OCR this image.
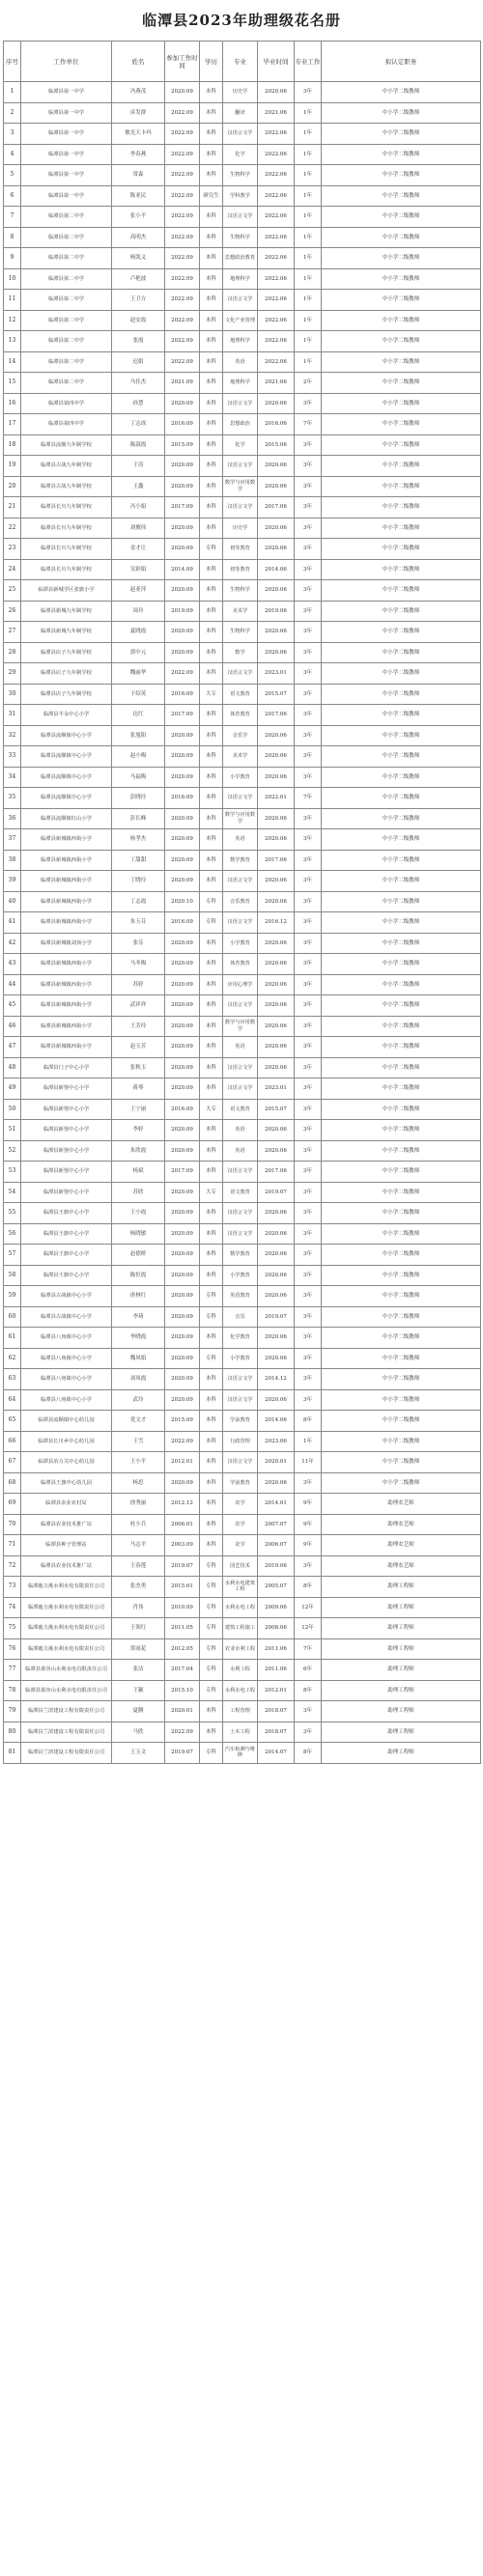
临潭县2023年助理级花名册
序号	工作单位	姓名	参加工作时间	学历	专业	毕业时间	专业工作	拟认定职务
1	临潭县第一中学	冯燕茂	2020.09	本科	历史学	2020.06	3年	中小学二级教师
2	临潭县第一中学	彦发群	2022.09	本科	翻译	2021.06	1年	中小学二级教师
3	临潭县第一中学	敏光大卡玛	2022.09	本科	汉语言文学	2022.06	1年	中小学二级教师
4	临潭县第一中学	李春燕	2022.09	本科	化学	2022.06	1年	中小学二级教师
5	临潭县第一中学	常森	2022.09	本科	生物科学	2022.06	1年	中小学二级教师
6	临潭县第一中学	陈亚民	2022.09	研究生	学科教学	2022.06	1年	中小学二级教师
7	临潭县第二中学	张小平	2022.09	本科	汉语言文学	2022.06	1年	中小学二级教师
8	临潭县第二中学	高明杰	2022.09	本科	生物科学	2022.06	1年	中小学二级教师
9	临潭县第二中学	杨凯义	2022.09	本科	思想政治教育	2022.06	1年	中小学二级教师
10	临潭县第二中学	卢艳波	2022.09	本科	地理科学	2022.06	1年	中小学二级教师
11	临潭县第二中学	王卫方	2022.09	本科	汉语言文学	2022.06	1年	中小学二级教师
12	临潭县第二中学	赵安霞	2022.09	本科	文化产业管理	2022.06	1年	中小学二级教师
13	临潭县第二中学	张霞	2022.09	本科	地理科学	2022.06	1年	中小学二级教师
14	临潭县第二中学	迟娟	2022.09	本科	英语	2022.06	1年	中小学二级教师
15	临潭县第二中学	马佳杰	2021.09	本科	地理科学	2021.06	2年	中小学二级教师
16	临潭县第四中学	孙慧	2020.09	本科	汉语言文学	2020.06	3年	中小学二级教师
17	临潭县第四中学	丁志成	2016.09	本科	思想政治	2016.06	7年	中小学二级教师
18	临潭县流顺九年制学校	陈淑霞	2015.09	本科	化学	2015.06	3年	中小学二级教师
19	临潭县古战九年制学校	于涛	2020.09	本科	汉语言文学	2020.06	3年	中小学二级教师
20	临潭县古战九年制学校	王鑫	2020.09	本科	数学与应用数学	2020.06	3年	中小学二级教师
21	临潭县长川九年制学校	冯小娟	2017.09	本科	汉语言文学	2017.06	3年	中小学二级教师
22	临潭县长川九年制学校	刘俊伟	2020.09	本科	历史学	2020.06	3年	中小学二级教师
23	临潭县长川九年制学校	金才让	2020.09	专科	初等教育	2020.06	3年	中小学二级教师
24	临潭县长川九年制学校	吴彩娟	2014.09	本科	初等教育	2014.06	3年	中小学二级教师
25	临潭县新城学区张旗小学	赵亚萍	2020.09	本科	生物科学	2020.06	3年	中小学二级教师
26	临潭县新城九年制学校	周玲	2019.09	本科	美术学	2019.06	3年	中小学二级教师
27	临潭县新城九年制学校	夏晓霞	2020.09	本科	生物科学	2020.06	3年	中小学二级教师
28	临潭县店子九年制学校	郭中元	2020.09	本科	数学	2020.06	3年	中小学二级教师
29	临潭县店子九年制学校	魏丽华	2022.09	本科	汉语言文学	2023.01	3年	中小学二级教师
30	临潭县店子九年制学校	于绍英	2016.09	大专	语文教育	2015.07	3年	中小学二级教师
31	临潭县羊永中心小学	达红	2017.09	本科	体育教育	2017.06	3年	中小学二级教师
32	临潭县流顺镇中心小学	张旭阳	2020.09	本科	音乐学	2020.06	3年	中小学二级教师
33	临潭县流顺镇中心小学	赵小梅	2020.09	本科	美术学	2020.06	3年	中小学二级教师
34	临潭县流顺镇中心小学	马福梅	2020.09	本科	小学教育	2020.06	3年	中小学二级教师
35	临潭县流顺镇中心小学	彭晓玲	2016.09	本科	汉语言文学	2022.01	7年	中小学二级教师
36	临潭县流顺镇红山小学	彭长峰	2020.09	本科	数学与应用数学	2020.06	3年	中小学二级教师
37	临潭县新城镇西街小学	杨孝杰	2020.09	本科	英语	2020.06	3年	中小学二级教师
38	临潭县新城镇西街小学	丁甜甜	2020.09	本科	数学教育	2017.06	3年	中小学二级教师
39	临潭县新城镇西街小学	丁晓玲	2020.09	本科	汉语言文学	2020.06	3年	中小学二级教师
40	临潭县新城镇西街小学	丁志霞	2020.10	专科	音乐教育	2020.06	3年	中小学二级教师
41	临潭县新城镇西街小学	朱玉芬	2016.09	专科	汉语言文学	2016.12	3年	中小学二级教师
42	临潭县新城镇刘顶小学	张芬	2020.09	本科	小学教育	2020.06	3年	中小学二级教师
43	临潭县新城镇西街小学	马冬梅	2020.09	本科	体育教育	2020.06	3年	中小学二级教师
44	临潭县新城镇西街小学	苏婷	2020.09	本科	应用心理学	2020.06	3年	中小学二级教师
45	临潭县新城镇西街小学	武祥祥	2020.09	本科	汉语言文学	2020.06	3年	中小学二级教师
46	临潭县新城镇西街小学	王芳玲	2020.09	本科	数学与应用数学	2020.06	3年	中小学二级教师
47	临潭县新城镇西街小学	赵玉芳	2020.09	本科	英语	2020.06	3年	中小学二级教师
48	临潭县门子中心小学	张秋玉	2020.09	本科	汉语言文学	2020.06	3年	中小学二级教师
49	临潭县新堡中心小学	蒋琴	2020.09	本科	汉语言文学	2023.01	3年	中小学二级教师
50	临潭县新堡中心小学	王宁丽	2016.09	大专	语文教育	2015.07	3年	中小学二级教师
51	临潭县新堡中心小学	李婷	2020.09	本科	英语	2020.06	3年	中小学二级教师
52	临潭县新堡中心小学	朱欣霞	2020.09	本科	英语	2020.06	3年	中小学二级教师
53	临潭县新堡中心小学	杨斌	2017.09	本科	汉语言文学	2017.06	3年	中小学二级教师
54	临潭县新堡中心小学	苏欣	2020.09	大专	语文教育	2019.07	3年	中小学二级教师
55	临潭县王旗中心小学	王小霞	2020.09	本科	汉语言文学	2020.06	3年	中小学二级教师
56	临潭县王旗中心小学	杨晓敏	2020.09	本科	汉语言文学	2020.06	3年	中小学二级教师
57	临潭县王旗中心小学	赵德桥	2020.09	本科	数学教育	2020.06	3年	中小学二级教师
58	临潭县王旗中心小学	陈恒霞	2020.09	本科	小学教育	2020.06	3年	中小学二级教师
59	临潭县古战镇中心小学	唐林红	2020.09	专科	英语教育	2020.06	3年	中小学二级教师
60	临潭县古战镇中心小学	李琦	2020.09	专科	音乐	2019.07	3年	中小学二级教师
61	临潭县八角镇中心小学	李晓霞	2020.09	本科	化学教育	2020.06	3年	中小学二级教师
62	临潭县八角镇中心小学	魏凤娟	2020.09	专科	小学教育	2020.06	3年	中小学二级教师
63	临潭县八角镇中心小学	刘凤霞	2020.09	本科	汉语言文学	2014.12	3年	中小学二级教师
64	临潭县八角镇中心小学	武玲	2020.09	本科	汉语言文学	2020.06	3年	中小学二级教师
65	临潭县流顺镇中心幼儿园	党文才	2015.09	本科	学前教育	2014.06	8年	中小学二级教师
66	临潭县长川乡中心幼儿园	王雪	2022.09	本科	行政管理	2023.06	1年	中小学二级教师
67	临潭县冶力关中心幼儿园	王小平	2012.01	本科	汉语言文学	2020.01	11年	中小学二级教师
68	临潭县王旗中心幼儿园	杨思	2020.09	本科	学前教育	2020.06	3年	中小学二级教师
69	临潭县农业农村局	徐秀丽	2012.12	本科	农学	2014.01	9年	助理农艺师
70	临潭县农业技术推广站	杜小兵	2006.01	本科	农学	2007.07	9年	助理农艺师
71	临潭县种子管理站	马志平	2003.09	本科	农学	2006.07	9年	助理农艺师
72	临潭县农业技术推广站	王春莲	2019.07	专科	园艺技术	2019.06	3年	助理农艺师
73	临潭鹿力洮水利水电有限责任公司	张杰勇	2015.01	专科	水利水电建筑工程	2005.07	8年	助理工程师
74	临潭鹿力洮水利水电有限责任公司	肖伟	2010.09	专科	水利水电工程	2009.06	12年	助理工程师
75	临潭鹿力洮水利水电有限责任公司	王领红	2011.05	专科	建筑工程施工	2008.06	12年	助理工程师
76	临潭鹿力洮水利水电有限责任公司	常雨花	2012.05	专科	农业水利工程	2011.06	7年	助理工程师
77	临潭县慕容山水利水电有限责任公司	张洁	2017.04	专科	水利工程	2011.06	6年	助理工程师
78	临潭县慕容山水利水电有限责任公司	王颖	2015.10	专科	水利水电工程	2012.01	8年	助理工程师
79	临潭县兰滨建设工程有限责任公司	夏腾	2020.01	本科	工程管理	2018.07	3年	助理工程师
80	临潭县兰滨建设工程有限责任公司	马欣	2022.09	本科	土木工程	2018.07	3年	助理工程师
81	临潭县兰滨建设工程有限责任公司	王玉文	2019.07	专科	汽车检测与维修	2014.07	8年	助理工程师
